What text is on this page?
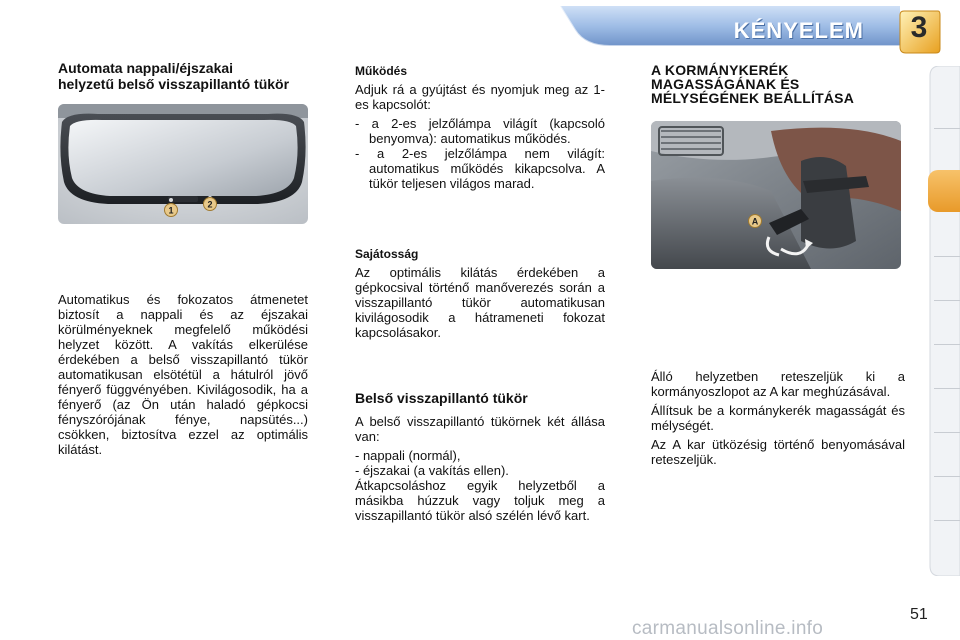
KÉNYELEM	3
Automata nappali/éjszakai
helyzetű belső visszapillantó tükör
1
2

Automatikus és fokozatos átmenetet biztosít a nappali és az éjszakai körülményeknek megfelelő működési helyzet között. A vakítás elkerülése érdekében a belső visszapillantó tükör automatikusan elsötétül a hátulról jövő fényerő függvényében. Kivilágosodik, ha a fényerő (az Ön után haladó gépkocsi fényszórójának fénye, napsütés...) csökken, biztosítva ezzel az optimális kilátást.

Működés

Adjuk rá a gyújtást és nyomjuk meg az 1-es kapcsolót:

- a 2-es jelzőlámpa világít (kapcsoló benyomva): automatikus működés.

- a 2-es jelzőlámpa nem világít: automatikus működés kikapcsolva. A tükör teljesen világos marad.

Sajátosság

Az optimális kilátás érdekében a gépkocsival történő manőverezés során a visszapillantó tükör automatikusan kivilágosodik a hátrameneti fokozat kapcsolásakor.

Belső visszapillantó tükör

A belső visszapillantó tükörnek két állása van:

- nappali (normál),

- éjszakai (a vakítás ellen).

Átkapcsoláshoz egyik helyzetből a másikba húzzuk vagy toljuk meg a visszapillantó tükör alsó szélén lévő kart.

A KORMÁNYKERÉK
MAGASSÁGÁNAK ÉS
MÉLYSÉGÉNEK BEÁLLÍTÁSA
A

Álló helyzetben reteszeljük ki a kormányoszlopot az A kar meghúzásával.

Állítsuk be a kormánykerék magasságát és mélységét.

Az A kar ütközésig történő benyomásával reteszeljük.

51
carmanualsonline.info
